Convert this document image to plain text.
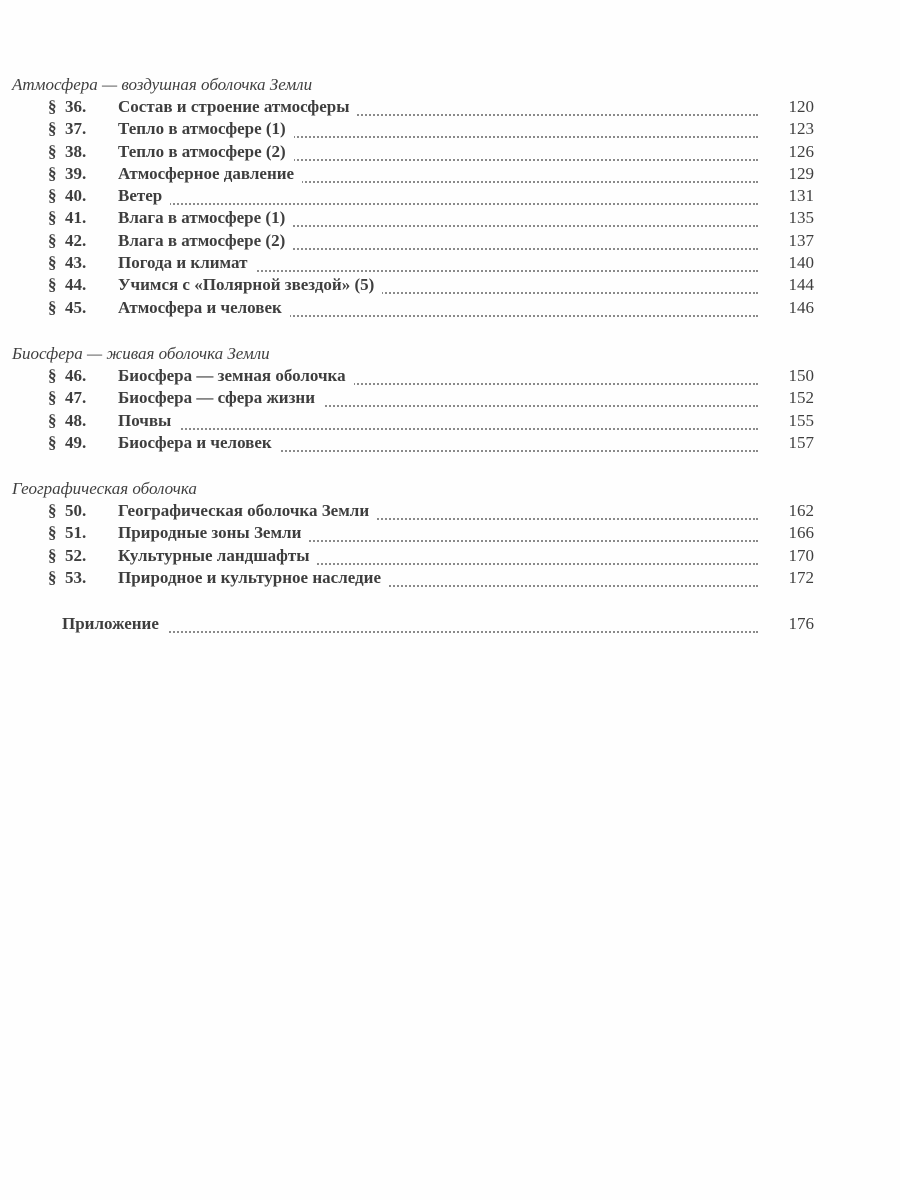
Атмосфера — воздушная оболочка Земли
§ 36. Состав и строение атмосферы	120
§ 37. Тепло в атмосфере (1)	123
§ 38. Тепло в атмосфере (2)	126
§ 39. Атмосферное давление	129
§ 40. Ветер	131
§ 41. Влага в атмосфере (1)	135
§ 42. Влага в атмосфере (2)	137
§ 43. Погода и климат	140
§ 44. Учимся с «Полярной звездой» (5)	144
§ 45. Атмосфера и человек	146
Биосфера — живая оболочка Земли
§ 46. Биосфера — земная оболочка	150
§ 47. Биосфера — сфера жизни	152
§ 48. Почвы	155
§ 49. Биосфера и человек	157
Географическая оболочка
§ 50. Географическая оболочка Земли	162
§ 51. Природные зоны Земли	166
§ 52. Культурные ландшафты	170
§ 53. Природное и культурное наследие	172
Приложение	176
